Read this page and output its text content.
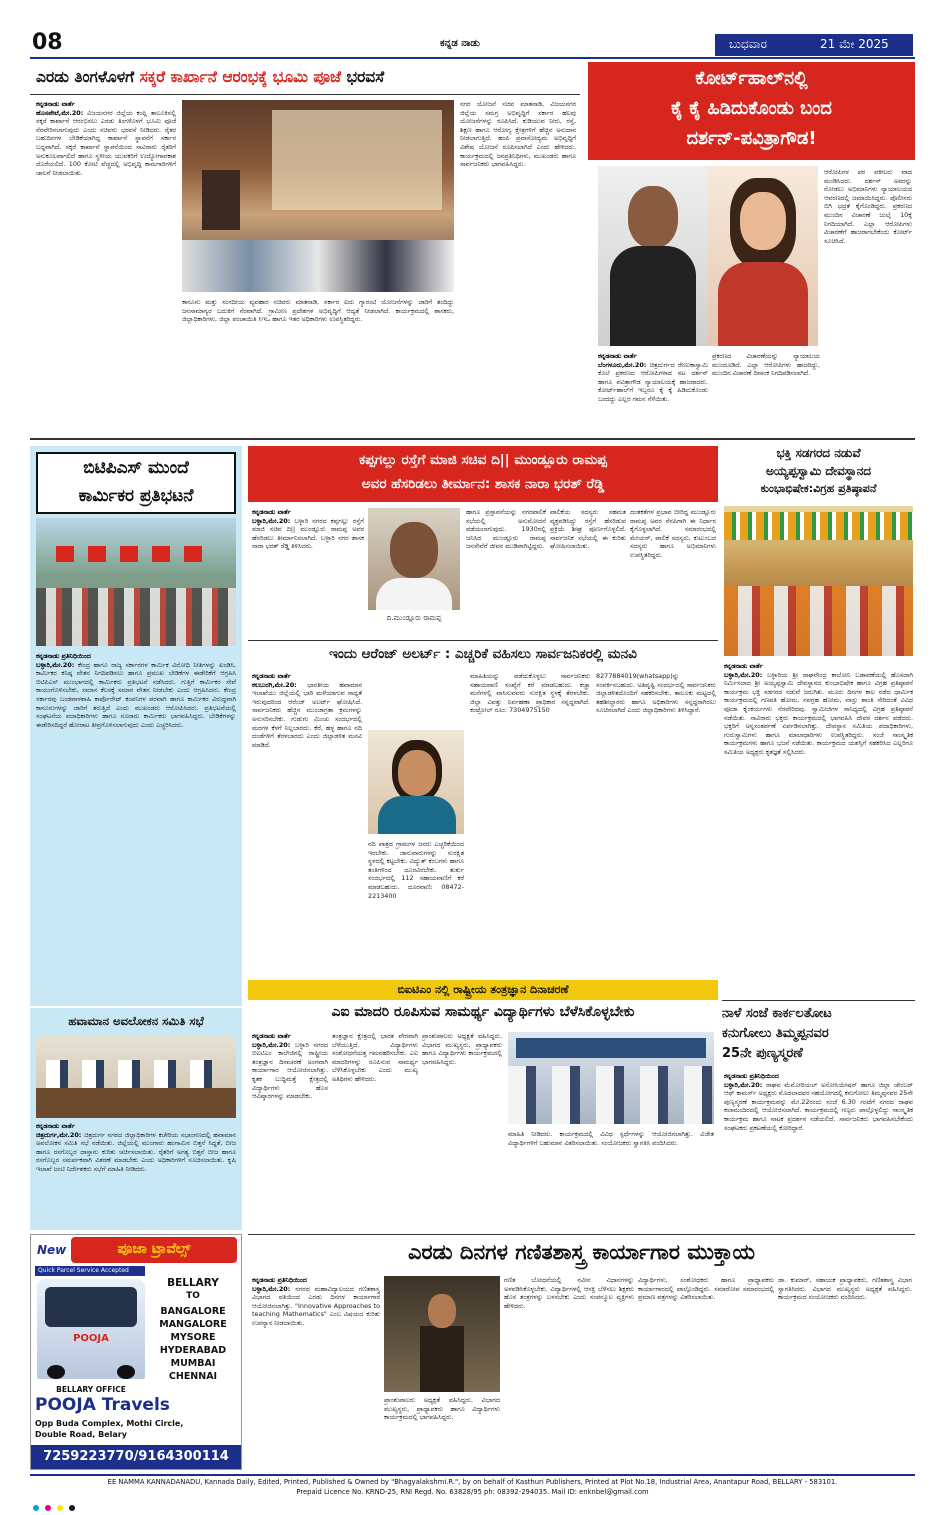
08	ಕನ್ನಡ ನಾಡು	ಬುಧವಾರ	21 ಮೇ 2025
ಎರಡು ತಿಂಗಳೊಳಗೆ ಸಕ್ಕರೆ ಕಾರ್ಖಾನೆ ಆರಂಭಕ್ಕೆ ಭೂಮಿ ಪೂಜೆ ಭರವಸೆ
ಕನ್ನಡನಾಡು ವಾರ್ತೆ
ಹೊಸಪೇಟೆ,ಮೇ.20: ವಿಜಯನಗರ ಜಿಲ್ಲೆಯ ಕಂಪ್ಲಿ ತಾಲೂಕಿನಲ್ಲಿ ಸಕ್ಕರೆ ಕಾರ್ಖಾನೆ ಆರಂಭಿಸಲು ಎರಡು ತಿಂಗಳೊಳಗೆ ಭೂಮಿ ಪೂಜೆ ನೆರವೇರಿಸಲಾಗುವುದು ಎಂದು ಸಚಿವರು ಭರವಸೆ ನೀಡಿದರು. ರೈತರ ಬಹುದಿನಗಳ ಬೇಡಿಕೆಯಾಗಿದ್ದ ಕಾರ್ಖಾನೆ ಸ್ಥಾಪನೆಗೆ ಸರ್ಕಾರ ಬದ್ಧವಾಗಿದೆ. ಸಕ್ಕರೆ ಕಾರ್ಖಾನೆ ಸ್ಥಾಪನೆಯಿಂದ ಸಾವಿರಾರು ರೈತರಿಗೆ ಅನುಕೂಲವಾಗಲಿದೆ ಹಾಗೂ ಸ್ಥಳೀಯ ಯುವಕರಿಗೆ ಉದ್ಯೋಗಾವಕಾಶ ದೊರೆಯಲಿದೆ. 100 ಕೋಟಿ ವೆಚ್ಚದಲ್ಲಿ ಅಭಿವೃದ್ಧಿ ಕಾಮಗಾರಿಗಳಿಗೆ ಚಾಲನೆ ನೀಡಲಾಯಿತು.
ಕಾನೂನು ಮತ್ತು ಸಂಸದೀಯ ವ್ಯವಹಾರ ಸಚಿವರು ಮಾತನಾಡಿ, ಸರ್ಕಾರ ಐದು ಗ್ಯಾರಂಟಿ ಯೋಜನೆಗಳನ್ನು ಜಾರಿಗೆ ತಂದಿದ್ದು ಜನಸಾಮಾನ್ಯರ ಬದುಕಿಗೆ ನೆರವಾಗಿದೆ. ಗ್ರಾಮೀಣ ಪ್ರದೇಶಗಳ ಅಭಿವೃದ್ಧಿಗೆ ಆದ್ಯತೆ ನೀಡಲಾಗಿದೆ. ಕಾರ್ಯಕ್ರಮದಲ್ಲಿ ಶಾಸಕರು, ಜಿಲ್ಲಾಧಿಕಾರಿಗಳು, ಜಿಲ್ಲಾ ಪಂಚಾಯಿತಿ ಸಿಇಒ ಹಾಗೂ ಇತರ ಅಧಿಕಾರಿಗಳು ಉಪಸ್ಥಿತರಿದ್ದರು.
ನಗರ ಯೋಜನೆ ಸಚಿವ ಮಾತನಾಡಿ, ವಿಜಯನಗರ ಜಿಲ್ಲೆಯ ಸಮಗ್ರ ಅಭಿವೃದ್ಧಿಗೆ ಸರ್ಕಾರ ಹಲವು ಯೋಜನೆಗಳನ್ನು ರೂಪಿಸಿದೆ. ಕುಡಿಯುವ ನೀರು, ರಸ್ತೆ, ಶಿಕ್ಷಣ ಹಾಗೂ ಆರೋಗ್ಯ ಕ್ಷೇತ್ರಗಳಿಗೆ ಹೆಚ್ಚಿನ ಅನುದಾನ ನೀಡಲಾಗುತ್ತಿದೆ. ಹಂಪಿ ಪ್ರವಾಸೋದ್ಯಮ ಅಭಿವೃದ್ಧಿಗೆ ವಿಶೇಷ ಯೋಜನೆ ರೂಪಿಸಲಾಗಿದೆ ಎಂದು ಹೇಳಿದರು. ಕಾರ್ಯಕ್ರಮದಲ್ಲಿ ಜನಪ್ರತಿನಿಧಿಗಳು, ಮುಖಂಡರು ಹಾಗೂ ಸಾರ್ವಜನಿಕರು ಭಾಗವಹಿಸಿದ್ದರು.
ಕೋರ್ಟ್‌ಹಾಲ್‌ನಲ್ಲಿ
ಕೈ ಕೈ ಹಿಡಿದುಕೊಂಡು ಬಂದ
ದರ್ಶನ್-ಪವಿತ್ರಾಗೌಡ!
ಆರೋಪಿಗಳ ಪರ ವಕೀಲರು ವಾದ ಮಂಡಿಸಿದರು. ದರ್ಶನ್ ಅವರನ್ನು ನೋಡಲು ಅಭಿಮಾನಿಗಳು ನ್ಯಾಯಾಲಯದ ಆವರಣದಲ್ಲಿ ಜಮಾಯಿಸಿದ್ದರು. ಪೊಲೀಸರು ಬಿಗಿ ಭದ್ರತೆ ಕೈಗೊಂಡಿದ್ದರು. ಪ್ರಕರಣದ ಮುಂದಿನ ವಿಚಾರಣೆ ಜುಲೈ 10ಕ್ಕೆ ನಿಗದಿಯಾಗಿದೆ. ಎಲ್ಲಾ ಆರೋಪಿಗಳು ವಿಚಾರಣೆಗೆ ಹಾಜರಾಗಬೇಕೆಂದು ಕೋರ್ಟ್ ಸೂಚಿಸಿದೆ.
ಕನ್ನಡನಾಡು ವಾರ್ತೆ
ಬೆಂಗಳೂರು,ಮೇ.20: ಚಿತ್ರದುರ್ಗದ ರೇಣುಕಾಸ್ವಾಮಿ ಕೊಲೆ ಪ್ರಕರಣದ ಆರೋಪಿಗಳಾದ ನಟ ದರ್ಶನ್ ಹಾಗೂ ಪವಿತ್ರಾಗೌಡ ನ್ಯಾಯಾಲಯಕ್ಕೆ ಹಾಜರಾದರು. ಕೋರ್ಟ್‌ಹಾಲ್‌ಗೆ ಇಬ್ಬರೂ ಕೈ ಕೈ ಹಿಡಿದುಕೊಂಡು ಬಂದದ್ದು ಎಲ್ಲರ ಗಮನ ಸೆಳೆಯಿತು.
ಪ್ರಕರಣದ ವಿಚಾರಣೆಯನ್ನು ನ್ಯಾಯಾಲಯ ಮುಂದೂಡಿದೆ. ಎಲ್ಲಾ ಆರೋಪಿಗಳು ಹಾಜರಿದ್ದು, ಮುಂದಿನ ವಿಚಾರಣೆ ದಿನಾಂಕ ನಿಗದಿಪಡಿಸಲಾಗಿದೆ.
ಬಿಟಿಪಿಎಸ್ ಮುಂದೆ
ಕಾರ್ಮಿಕರ ಪ್ರತಿಭಟನೆ
ಕನ್ನಡನಾಡು ಪ್ರತಿನಿಧಿಯಿಂದ
ಬಳ್ಳಾರಿ,ಮೇ.20: ಕೇಂದ್ರ ಹಾಗೂ ರಾಜ್ಯ ಸರ್ಕಾರಗಳ ಕಾರ್ಮಿಕ ವಿರೋಧಿ ನೀತಿಗಳನ್ನು ಖಂಡಿಸಿ, ಕಾರ್ಮಿಕರ ಕನಿಷ್ಠ ವೇತನ ನಿಗದಿಪಡಿಸಲು ಹಾಗೂ ಪ್ರಮುಖ ಬೇಡಿಕೆಗಳ ಈಡೇರಿಕೆಗೆ ಆಗ್ರಹಿಸಿ ಬಿಟಿಪಿಎಸ್ ಮುಂಭಾಗದಲ್ಲಿ ಕಾರ್ಮಿಕರು ಪ್ರತಿಭಟನೆ ನಡೆಸಿದರು. ಗುತ್ತಿಗೆ ಕಾರ್ಮಿಕರ ಸೇವೆ ಕಾಯಂಗೊಳಿಸಬೇಕು, ಸಮಾನ ಕೆಲಸಕ್ಕೆ ಸಮಾನ ವೇತನ ನೀಡಬೇಕು ಎಂದು ಆಗ್ರಹಿಸಿದರು. ಕೇಂದ್ರ ಸರ್ಕಾರವು ಬಂಡವಾಳಶಾಹಿ ಕಾರ್ಪೊರೇಟ್ ಕಂಪನಿಗಳ ಪರವಾಗಿ ಹಾಗೂ ಕಾರ್ಮಿಕರ ವಿರುದ್ಧವಾಗಿ ಕಾನೂನುಗಳನ್ನು ಜಾರಿಗೆ ತರುತ್ತಿದೆ ಎಂದು ಮುಖಂಡರು ಆರೋಪಿಸಿದರು. ಪ್ರತಿಭಟನೆಯಲ್ಲಿ ಸಂಘಟನೆಯ ಪದಾಧಿಕಾರಿಗಳು ಹಾಗೂ ನೂರಾರು ಕಾರ್ಮಿಕರು ಭಾಗವಹಿಸಿದ್ದರು. ಬೇಡಿಕೆಗಳನ್ನು ಈಡೇರಿಸದಿದ್ದರೆ ಹೋರಾಟ ತೀವ್ರಗೊಳಿಸಲಾಗುವುದು ಎಂದು ಎಚ್ಚರಿಸಿದರು.
ಹವಾಮಾನ ಅವಲೋಕನ ಸಮಿತಿ ಸಭೆ
ಕನ್ನಡನಾಡು ವಾರ್ತೆ
ಚಿತ್ರದುರ್ಗ,ಮೇ.20: ಚಿತ್ರದುರ್ಗ ನಗರದ ಜಿಲ್ಲಾಧಿಕಾರಿಗಳ ಕಚೇರಿಯ ಸಭಾಂಗಣದಲ್ಲಿ ಹವಾಮಾನ ಅವಲೋಕನ ಸಮಿತಿ ಸಭೆ ನಡೆಯಿತು. ಜಿಲ್ಲೆಯಲ್ಲಿ ಮುಂಗಾರು ಹಂಗಾಮಿನ ಬಿತ್ತನೆ ಸಿದ್ಧತೆ, ಬೀಜ ಹಾಗೂ ರಸಗೊಬ್ಬರ ದಾಸ್ತಾನು ಕುರಿತು ಚರ್ಚಿಸಲಾಯಿತು. ರೈತರಿಗೆ ಅಗತ್ಯ ಬಿತ್ತನೆ ಬೀಜ ಹಾಗೂ ರಸಗೊಬ್ಬರ ಸಮರ್ಪಕವಾಗಿ ವಿತರಣೆ ಮಾಡಬೇಕು ಎಂದು ಅಧಿಕಾರಿಗಳಿಗೆ ಸೂಚಿಸಲಾಯಿತು. ಕೃಷಿ ಇಲಾಖೆ ಜಂಟಿ ನಿರ್ದೇಶಕರು ಸಭೆಗೆ ಮಾಹಿತಿ ನೀಡಿದರು.
New	ಪೂಜಾ ಟ್ರಾವೆಲ್ಸ್
Quick Parcel Service Accepted
POOJA
BELLARY
TO
BANGALORE
MANGALORE
MYSORE
HYDERABAD
MUMBAI
CHENNAI
BELLARY OFFICE
POOJA Travels
Opp Buda Complex, Mothi Circle,
Double Road, Belary
7259223770/9164300114
ಕಪ್ಪಗಲ್ಲು ರಸ್ತೆಗೆ ಮಾಜಿ ಸಚಿವ ದಿ|| ಮುಂಡ್ಲೂರು ರಾಮಪ್ಪ
ಅವರ ಹೆಸರಿಡಲು ತೀರ್ಮಾನ: ಶಾಸಕ ನಾರಾ ಭರತ್ ರೆಡ್ಡಿ
ಕನ್ನಡನಾಡು ವಾರ್ತೆ
ಬಳ್ಳಾರಿ,ಮೇ.20: ಬಳ್ಳಾರಿ ನಗರದ ಕಪ್ಪಗಲ್ಲು ರಸ್ತೆಗೆ ಮಾಜಿ ಸಚಿವ ದಿ|| ಮುಂಡ್ಲೂರು ರಾಮಪ್ಪ ಅವರ ಹೆಸರಿಡಲು ತೀರ್ಮಾನಿಸಲಾಗಿದೆ. ಬಳ್ಳಾರಿ ನಗರ ಶಾಸಕ ನಾರಾ ಭರತ್ ರೆಡ್ಡಿ ತಿಳಿಸಿದರು.
ದಿ.ಮುಂಡ್ಲೂರು ರಾಮಪ್ಪ
ಹಾಗೂ ಪ್ರಸ್ತಾವನೆಯನ್ನು ನಗರಪಾಲಿಕೆ ಸಭೆಯಲ್ಲಿ ಅನುಮೋದನೆ ಪಡೆಯಲಾಗುವುದು. 1930ರಲ್ಲಿ ಜನಿಸಿದ ಮುಂಡ್ಲೂರು ರಾಮಪ್ಪ ಜನಸೇವೆಗೆ ಜೀವನ ಮುಡಿಪಾಗಿಟ್ಟಿದ್ದರು.
ಪಾಲಿಕೆಯ ಸದಸ್ಯರು ಸಹಮತ ವ್ಯಕ್ತಪಡಿಸಿದ್ದು ರಸ್ತೆಗೆ ಹೆಸರಿಡುವ ಪ್ರಕ್ರಿಯೆ ಶೀಘ್ರ ಪೂರ್ಣಗೊಳ್ಳಲಿದೆ. ಸಾರ್ವಜನಿಕ ಸಭೆಯಲ್ಲಿ ಈ ಕುರಿತು ಘೋಷಿಸಲಾಯಿತು.
ದಂತಕತೆಗಳ ಪ್ರಭಾವ ಬೀರಿದ್ದ ಮುಂಡ್ಲೂರು ರಾಮಪ್ಪ ಅವರ ನೆನಪಿಗಾಗಿ ಈ ನಿರ್ಧಾರ ಕೈಗೊಳ್ಳಲಾಗಿದೆ. ಸಮಾರಂಭದಲ್ಲಿ ಮೇಯರ್, ಪಾಲಿಕೆ ಸದಸ್ಯರು, ಕುಟುಂಬದ ಸದಸ್ಯರು ಹಾಗೂ ಅಭಿಮಾನಿಗಳು ಉಪಸ್ಥಿತರಿದ್ದರು.
ಭಕ್ತಿ ಸಡಗರದ ನಡುವೆ
ಅಯ್ಯಪ್ಪಸ್ವಾಮಿ ದೇವಸ್ಥಾನದ
ಕುಂಭಾಭಿಷೇಕ:ವಿಗ್ರಹ ಪ್ರತಿಷ್ಠಾಪನೆ
ಕನ್ನಡನಾಡು ವಾರ್ತೆ
ಬಳ್ಳಾರಿ,ಮೇ.20: ಬಳ್ಳಾರಿಯ ಶ್ರೀ ರಾಘವೇಂದ್ರ ಕಾಲೋನಿ ಬಡಾವಣೆಯಲ್ಲಿ ಹೊಸದಾಗಿ ನಿರ್ಮಿಸಲಾದ ಶ್ರೀ ಅಯ್ಯಪ್ಪಸ್ವಾಮಿ ದೇವಸ್ಥಾನದ ಕುಂಭಾಭಿಷೇಕ ಹಾಗೂ ವಿಗ್ರಹ ಪ್ರತಿಷ್ಠಾಪನೆ ಕಾರ್ಯಕ್ರಮ ಭಕ್ತಿ ಸಡಗರದ ನಡುವೆ ಜರುಗಿತು. ಮೂರು ದಿನಗಳ ಕಾಲ ನಡೆದ ಧಾರ್ಮಿಕ ಕಾರ್ಯಕ್ರಮದಲ್ಲಿ ಗಣಪತಿ ಹೋಮ, ನವಗ್ರಹ ಹೋಮ, ವಾಸ್ತು ಶಾಂತಿ ಸೇರಿದಂತೆ ವಿವಿಧ ಪೂಜಾ ಕೈಂಕರ್ಯಗಳು ನೆರವೇರಿದವು. ಸ್ವಾಮೀಜಿಗಳ ಸಾನಿಧ್ಯದಲ್ಲಿ ವಿಗ್ರಹ ಪ್ರತಿಷ್ಠಾಪನೆ ನಡೆಯಿತು. ಸಾವಿರಾರು ಭಕ್ತರು ಕಾರ್ಯಕ್ರಮದಲ್ಲಿ ಭಾಗವಹಿಸಿ ದೇವರ ದರ್ಶನ ಪಡೆದರು. ಭಕ್ತರಿಗೆ ಅನ್ನಸಂತರ್ಪಣೆ ಏರ್ಪಡಿಸಲಾಗಿತ್ತು. ದೇವಸ್ಥಾನ ಸಮಿತಿಯ ಪದಾಧಿಕಾರಿಗಳು, ಗುರುಸ್ವಾಮಿಗಳು ಹಾಗೂ ಮಾಲಾಧಾರಿಗಳು ಉಪಸ್ಥಿತರಿದ್ದರು. ಸಂಜೆ ಸಾಂಸ್ಕೃತಿಕ ಕಾರ್ಯಕ್ರಮಗಳು ಹಾಗೂ ಭಜನೆ ನಡೆಯಿತು. ಕಾರ್ಯಕ್ರಮದ ಯಶಸ್ಸಿಗೆ ಸಹಕರಿಸಿದ ಎಲ್ಲರಿಗೂ ಸಮಿತಿಯ ಅಧ್ಯಕ್ಷರು ಕೃತಜ್ಞತೆ ಸಲ್ಲಿಸಿದರು.
ಇಂದು ಆರೆಂಜ್ ಅಲರ್ಟ್ : ಎಚ್ಚರಿಕೆ ವಹಿಸಲು ಸಾರ್ವಜನಿಕರಲ್ಲಿ ಮನವಿ
ಕನ್ನಡನಾಡು ವಾರ್ತೆ
ಕಲಬುರಗಿ,ಮೇ.20: ಭಾರತೀಯ ಹವಾಮಾನ ಇಲಾಖೆಯು ಜಿಲ್ಲೆಯಲ್ಲಿ ಭಾರಿ ಮಳೆಯಾಗುವ ಸಾಧ್ಯತೆ ಇರುವುದರಿಂದ ಆರೆಂಜ್ ಅಲರ್ಟ್ ಘೋಷಿಸಿದೆ. ಸಾರ್ವಜನಿಕರು ಹೆಚ್ಚಿನ ಮುಂಜಾಗ್ರತಾ ಕ್ರಮಗಳನ್ನು ಅನುಸರಿಸಬೇಕು. ಗುಡುಗು ಮಿಂಚು ಸಂದರ್ಭದಲ್ಲಿ ಮರಗಳ ಕೆಳಗೆ ನಿಲ್ಲಬಾರದು. ಕೆರೆ, ಹಳ್ಳ ಹಾಗೂ ನದಿ ದಂಡೆಗಳಿಗೆ ತೆರಳಬಾರದು ಎಂದು ಜಿಲ್ಲಾಡಳಿತ ಮನವಿ ಮಾಡಿದೆ.
ಮಾಹಿತಿಯನ್ನು ಪಡೆದುಕೊಳ್ಳಲು ಸಾರ್ವಜನಿಕರು ಸಹಾಯವಾಣಿ ಸಂಖ್ಯೆಗೆ ಕರೆ ಮಾಡಬಹುದು. ಕಚ್ಚಾ ಮನೆಗಳಲ್ಲಿ ವಾಸಿಸುವವರು ಸುರಕ್ಷಿತ ಸ್ಥಳಕ್ಕೆ ತೆರಳಬೇಕು. ಜಿಲ್ಲಾ ವಿಪತ್ತು ನಿರ್ವಹಣಾ ಪ್ರಾಧಿಕಾರ ಸನ್ನದ್ಧವಾಗಿದೆ. ಕಂಟ್ರೋಲ್ ರೂಂ: 7304975150
ನದಿ ಪಾತ್ರದ ಗ್ರಾಮಗಳ ಜನರು ಎಚ್ಚರಿಕೆಯಿಂದ ಇರಬೇಕು. ಜಾನುವಾರುಗಳನ್ನು ಸುರಕ್ಷಿತ ಸ್ಥಳದಲ್ಲಿ ಕಟ್ಟಬೇಕು. ವಿದ್ಯುತ್ ಕಂಬಗಳು ಹಾಗೂ ತಂತಿಗಳಿಂದ ದೂರವಿರಬೇಕು. ತುರ್ತು ಸಂದರ್ಭದಲ್ಲಿ 112 ಸಹಾಯವಾಣಿಗೆ ಕರೆ ಮಾಡಬಹುದು. ದೂರವಾಣಿ: 08472-2213400
8277884019(whatsapp)ನ್ನು ಸಂಪರ್ಕಿಸಬಹುದು. ಅತಿವೃಷ್ಟಿ ಸಂದರ್ಭದಲ್ಲಿ ಸಾರ್ವಜನಿಕರು ಜಿಲ್ಲಾಡಳಿತದೊಂದಿಗೆ ಸಹಕರಿಸಬೇಕು. ತಾಲೂಕು ಮಟ್ಟದಲ್ಲಿ ತಹಶೀಲ್ದಾರರು ಹಾಗೂ ಅಧಿಕಾರಿಗಳು ಸನ್ನದ್ಧರಾಗಿರಲು ಸೂಚಿಸಲಾಗಿದೆ ಎಂದು ಜಿಲ್ಲಾಧಿಕಾರಿಗಳು ತಿಳಿಸಿದ್ದಾರೆ.
ಬಿಐಟಿಎಂ ನಲ್ಲಿ ರಾಷ್ಟ್ರೀಯ ತಂತ್ರಜ್ಞಾನ ದಿನಾಚರಣೆ
ಎಐ ಮಾದರಿ ರೂಪಿಸುವ ಸಾಮರ್ಥ್ಯ ವಿದ್ಯಾರ್ಥಿಗಳು ಬೆಳೆಸಿಕೊಳ್ಳಬೇಕು
ಕನ್ನಡನಾಡು ವಾರ್ತೆ
ಬಳ್ಳಾರಿ,ಮೇ.20: ಬಳ್ಳಾರಿ ನಗರದ ಬಿಐಟಿಎಂ ಕಾಲೇಜಿನಲ್ಲಿ ರಾಷ್ಟ್ರೀಯ ತಂತ್ರಜ್ಞಾನ ದಿನಾಚರಣೆ ಅಂಗವಾಗಿ ಕಾರ್ಯಾಗಾರ ಆಯೋಜಿಸಲಾಗಿತ್ತು. ಕೃತಕ ಬುದ್ಧಿಮತ್ತೆ ಕ್ಷೇತ್ರದಲ್ಲಿ ವಿದ್ಯಾರ್ಥಿಗಳು ಹೊಸ ಆವಿಷ್ಕಾರಗಳನ್ನು ಮಾಡಬೇಕು.
ತಂತ್ರಜ್ಞಾನ ಕ್ಷೇತ್ರದಲ್ಲಿ ಭಾರತ ವೇಗವಾಗಿ ಬೆಳೆಯುತ್ತಿದೆ. ವಿದ್ಯಾರ್ಥಿಗಳು ಸಂಶೋಧನೆಯತ್ತ ಗಮನಹರಿಸಬೇಕು. ಎಐ ಮಾದರಿಗಳನ್ನು ರೂಪಿಸುವ ಸಾಮರ್ಥ್ಯ ಬೆಳೆಸಿಕೊಳ್ಳಬೇಕು ಎಂದು ಮುಖ್ಯ ಅತಿಥಿಗಳು ಹೇಳಿದರು.
ಪ್ರಾಂಶುಪಾಲರು ಅಧ್ಯಕ್ಷತೆ ವಹಿಸಿದ್ದರು. ವಿಭಾಗದ ಮುಖ್ಯಸ್ಥರು, ಪ್ರಾಧ್ಯಾಪಕರು ಹಾಗೂ ವಿದ್ಯಾರ್ಥಿಗಳು ಕಾರ್ಯಕ್ರಮದಲ್ಲಿ ಭಾಗವಹಿಸಿದ್ದರು.
ಮಾಹಿತಿ ನೀಡಿದರು. ಕಾರ್ಯಕ್ರಮದಲ್ಲಿ ವಿವಿಧ ಸ್ಪರ್ಧೆಗಳನ್ನು ಆಯೋಜಿಸಲಾಗಿತ್ತು. ವಿಜೇತ ವಿದ್ಯಾರ್ಥಿಗಳಿಗೆ ಬಹುಮಾನ ವಿತರಿಸಲಾಯಿತು. ಸಂಯೋಜಕರು ಸ್ವಾಗತಿಸಿ ವಂದಿಸಿದರು.
ನಾಳೆ ಸಂಜೆ ಕಾರ್ಕಲತೋಟ
ಕನುಗೋಲು ತಿಮ್ಮಪ್ಪನವರ
25ನೇ ಪುಣ್ಯಸ್ಮರಣೆ
ಕನ್ನಡನಾಡು ಪ್ರತಿನಿಧಿಯಿಂದ
ಬಳ್ಳಾರಿ,ಮೇ.20: ರಾಘವ ಮೆಮೋರಿಯಲ್ ಅಸೋಸಿಯೇಷನ್ ಹಾಗೂ ಜಿಲ್ಲಾ ಚೇಂಬರ್ ಆಫ್ ಕಾಮರ್ಸ್ ಅಧ್ಯಕ್ಷರು ಮೊದಲಾದವರ ಸಹಯೋಗದಲ್ಲಿ ಕನುಗೋಲು ತಿಮ್ಮಪ್ಪನವರ 25ನೇ ಪುಣ್ಯಸ್ಮರಣೆ ಕಾರ್ಯಕ್ರಮವನ್ನು ಮೇ.22ರಂದು ಸಂಜೆ 6.30 ಗಂಟೆಗೆ ನಗರದ ರಾಘವ ಕಲಾಮಂದಿರದಲ್ಲಿ ಆಯೋಜಿಸಲಾಗಿದೆ. ಕಾರ್ಯಕ್ರಮದಲ್ಲಿ ಗಣ್ಯರು ಪಾಲ್ಗೊಳ್ಳಲಿದ್ದು ಸಾಂಸ್ಕೃತಿಕ ಕಾರ್ಯಕ್ರಮ ಹಾಗೂ ನಾಟಕ ಪ್ರದರ್ಶನ ನಡೆಯಲಿದೆ. ಸಾರ್ವಜನಿಕರು ಭಾಗವಹಿಸಬೇಕೆಂದು ಸಂಘಟಕರು ಪ್ರಕಟಣೆಯಲ್ಲಿ ಕೋರಿದ್ದಾರೆ.
ಎರಡು ದಿನಗಳ ಗಣಿತಶಾಸ್ತ್ರ ಕಾರ್ಯಾಗಾರ ಮುಕ್ತಾಯ
ಕನ್ನಡನಾಡು ಪ್ರತಿನಿಧಿಯಿಂದ
ಬಳ್ಳಾರಿ,ಮೇ.20: ನಗರದ ಮಹಾವಿದ್ಯಾಲಯದ ಗಣಿತಶಾಸ್ತ್ರ ವಿಭಾಗದ ವತಿಯಿಂದ ಎರಡು ದಿನಗಳ ಕಾರ್ಯಾಗಾರ ಆಯೋಜಿಸಲಾಗಿತ್ತು. "Innovative Approaches to teaching Mathematics" ಎಂಬ ವಿಷಯದ ಕುರಿತು ಉಪನ್ಯಾಸ ನೀಡಲಾಯಿತು.
ಗಣಿತ ಬೋಧನೆಯಲ್ಲಿ ನವೀನ ವಿಧಾನಗಳನ್ನು ಅಳವಡಿಸಿಕೊಳ್ಳಬೇಕು. ವಿದ್ಯಾರ್ಥಿಗಳಲ್ಲಿ ಆಸಕ್ತಿ ಬೆಳೆಸಲು ಶಿಕ್ಷಕರು ಹೊಸ ತಂತ್ರಗಳನ್ನು ಬಳಸಬೇಕು ಎಂದು ಸಂಪನ್ಮೂಲ ವ್ಯಕ್ತಿಗಳು ಹೇಳಿದರು.
ವಿದ್ಯಾರ್ಥಿಗಳು, ಸಂಶೋಧಕರು ಹಾಗೂ ಪ್ರಾಧ್ಯಾಪಕರು ಕಾರ್ಯಾಗಾರದಲ್ಲಿ ಪಾಲ್ಗೊಂಡಿದ್ದರು. ಸಮಾರೋಪ ಸಮಾರಂಭದಲ್ಲಿ ಪ್ರಮಾಣ ಪತ್ರಗಳನ್ನು ವಿತರಿಸಲಾಯಿತು.
ಡಾ. ಕುಮಾರ್, ಸಹಾಯಕ ಪ್ರಾಧ್ಯಾಪಕರು, ಗಣಿತಶಾಸ್ತ್ರ ವಿಭಾಗ ಸ್ವಾಗತಿಸಿದರು. ವಿಭಾಗದ ಮುಖ್ಯಸ್ಥರು ಅಧ್ಯಕ್ಷತೆ ವಹಿಸಿದ್ದರು. ಕಾರ್ಯಕ್ರಮದ ಸಂಯೋಜಕರು ವಂದಿಸಿದರು.
ಪ್ರಾಂಶುಪಾಲರು ಅಧ್ಯಕ್ಷತೆ ವಹಿಸಿದ್ದರು. ವಿಭಾಗದ ಮುಖ್ಯಸ್ಥರು, ಪ್ರಾಧ್ಯಾಪಕರು ಹಾಗೂ ವಿದ್ಯಾರ್ಥಿಗಳು ಕಾರ್ಯಕ್ರಮದಲ್ಲಿ ಭಾಗವಹಿಸಿದ್ದರು.
EE NAMMA KANNADANADU, Kannada Daily, Edited, Printed, Published & Owned by "Bhagyalakshmi.R.", by on behalf of Kasthuri Publishers, Printed at Plot No.18, Industrial Area, Anantapur Road, BELLARY - 583101.
Prepaid Licence No. KRND-25, RNI Regd. No. 63828/95 ph: 08392-294035. Mail ID: enknbel@gmail.com
